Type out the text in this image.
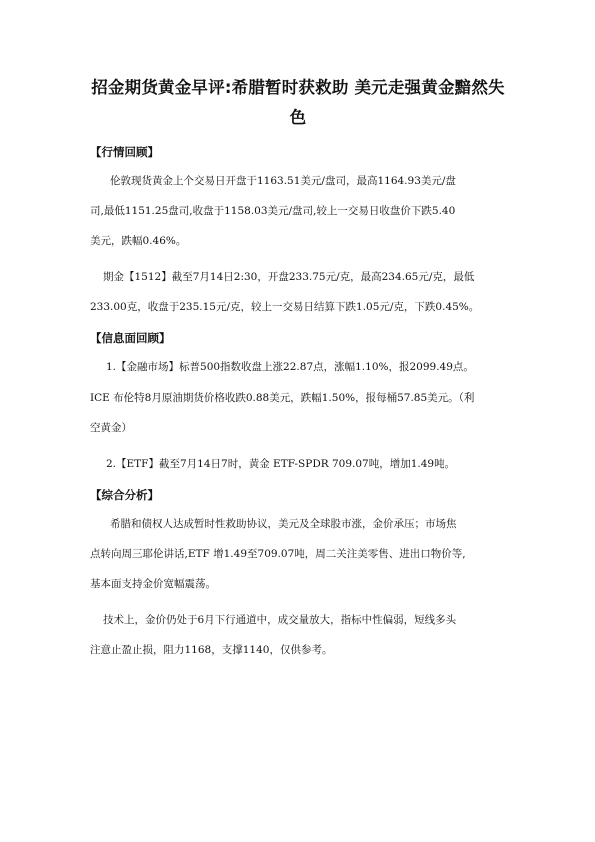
招金期货黄金早评:希腊暂时获救助 美元走强黄金黯然失
色
【行情回顾】

伦敦现货黄金上个交易日开盘于1163.51美元/盘司，最高1164.93美元/盘

司,最低1151.25盘司,收盘于1158.03美元/盘司,较上一交易日收盘价下跌5.40

美元，跌幅0.46%。

期金【1512】截至7月14日2:30，开盘233.75元/克，最高234.65元/克，最低

233.00克，收盘于235.15元/克，较上一交易日结算下跌1.05元/克，下跌0.45%。

【信息面回顾】

1.【金融市场】标普500指数收盘上涨22.87点，涨幅1.10%，报2099.49点。

ICE 布伦特8月原油期货价格收跌0.88美元，跌幅1.50%，报每桶57.85美元。（利

空黄金）

2.【ETF】截至7月14日7时，黄金 ETF-SPDR 709.07吨，增加1.49吨。

【综合分析】

希腊和债权人达成暂时性救助协议，美元及全球股市涨，金价承压；市场焦

点转向周三耶伦讲话,ETF 增1.49至709.07吨，周二关注美零售、进出口物价等,

基本面支持金价宽幅震荡。

技术上，金价仍处于6月下行通道中，成交量放大，指标中性偏弱，短线多头

注意止盈止损，阻力1168，支撑1140，仅供参考。
